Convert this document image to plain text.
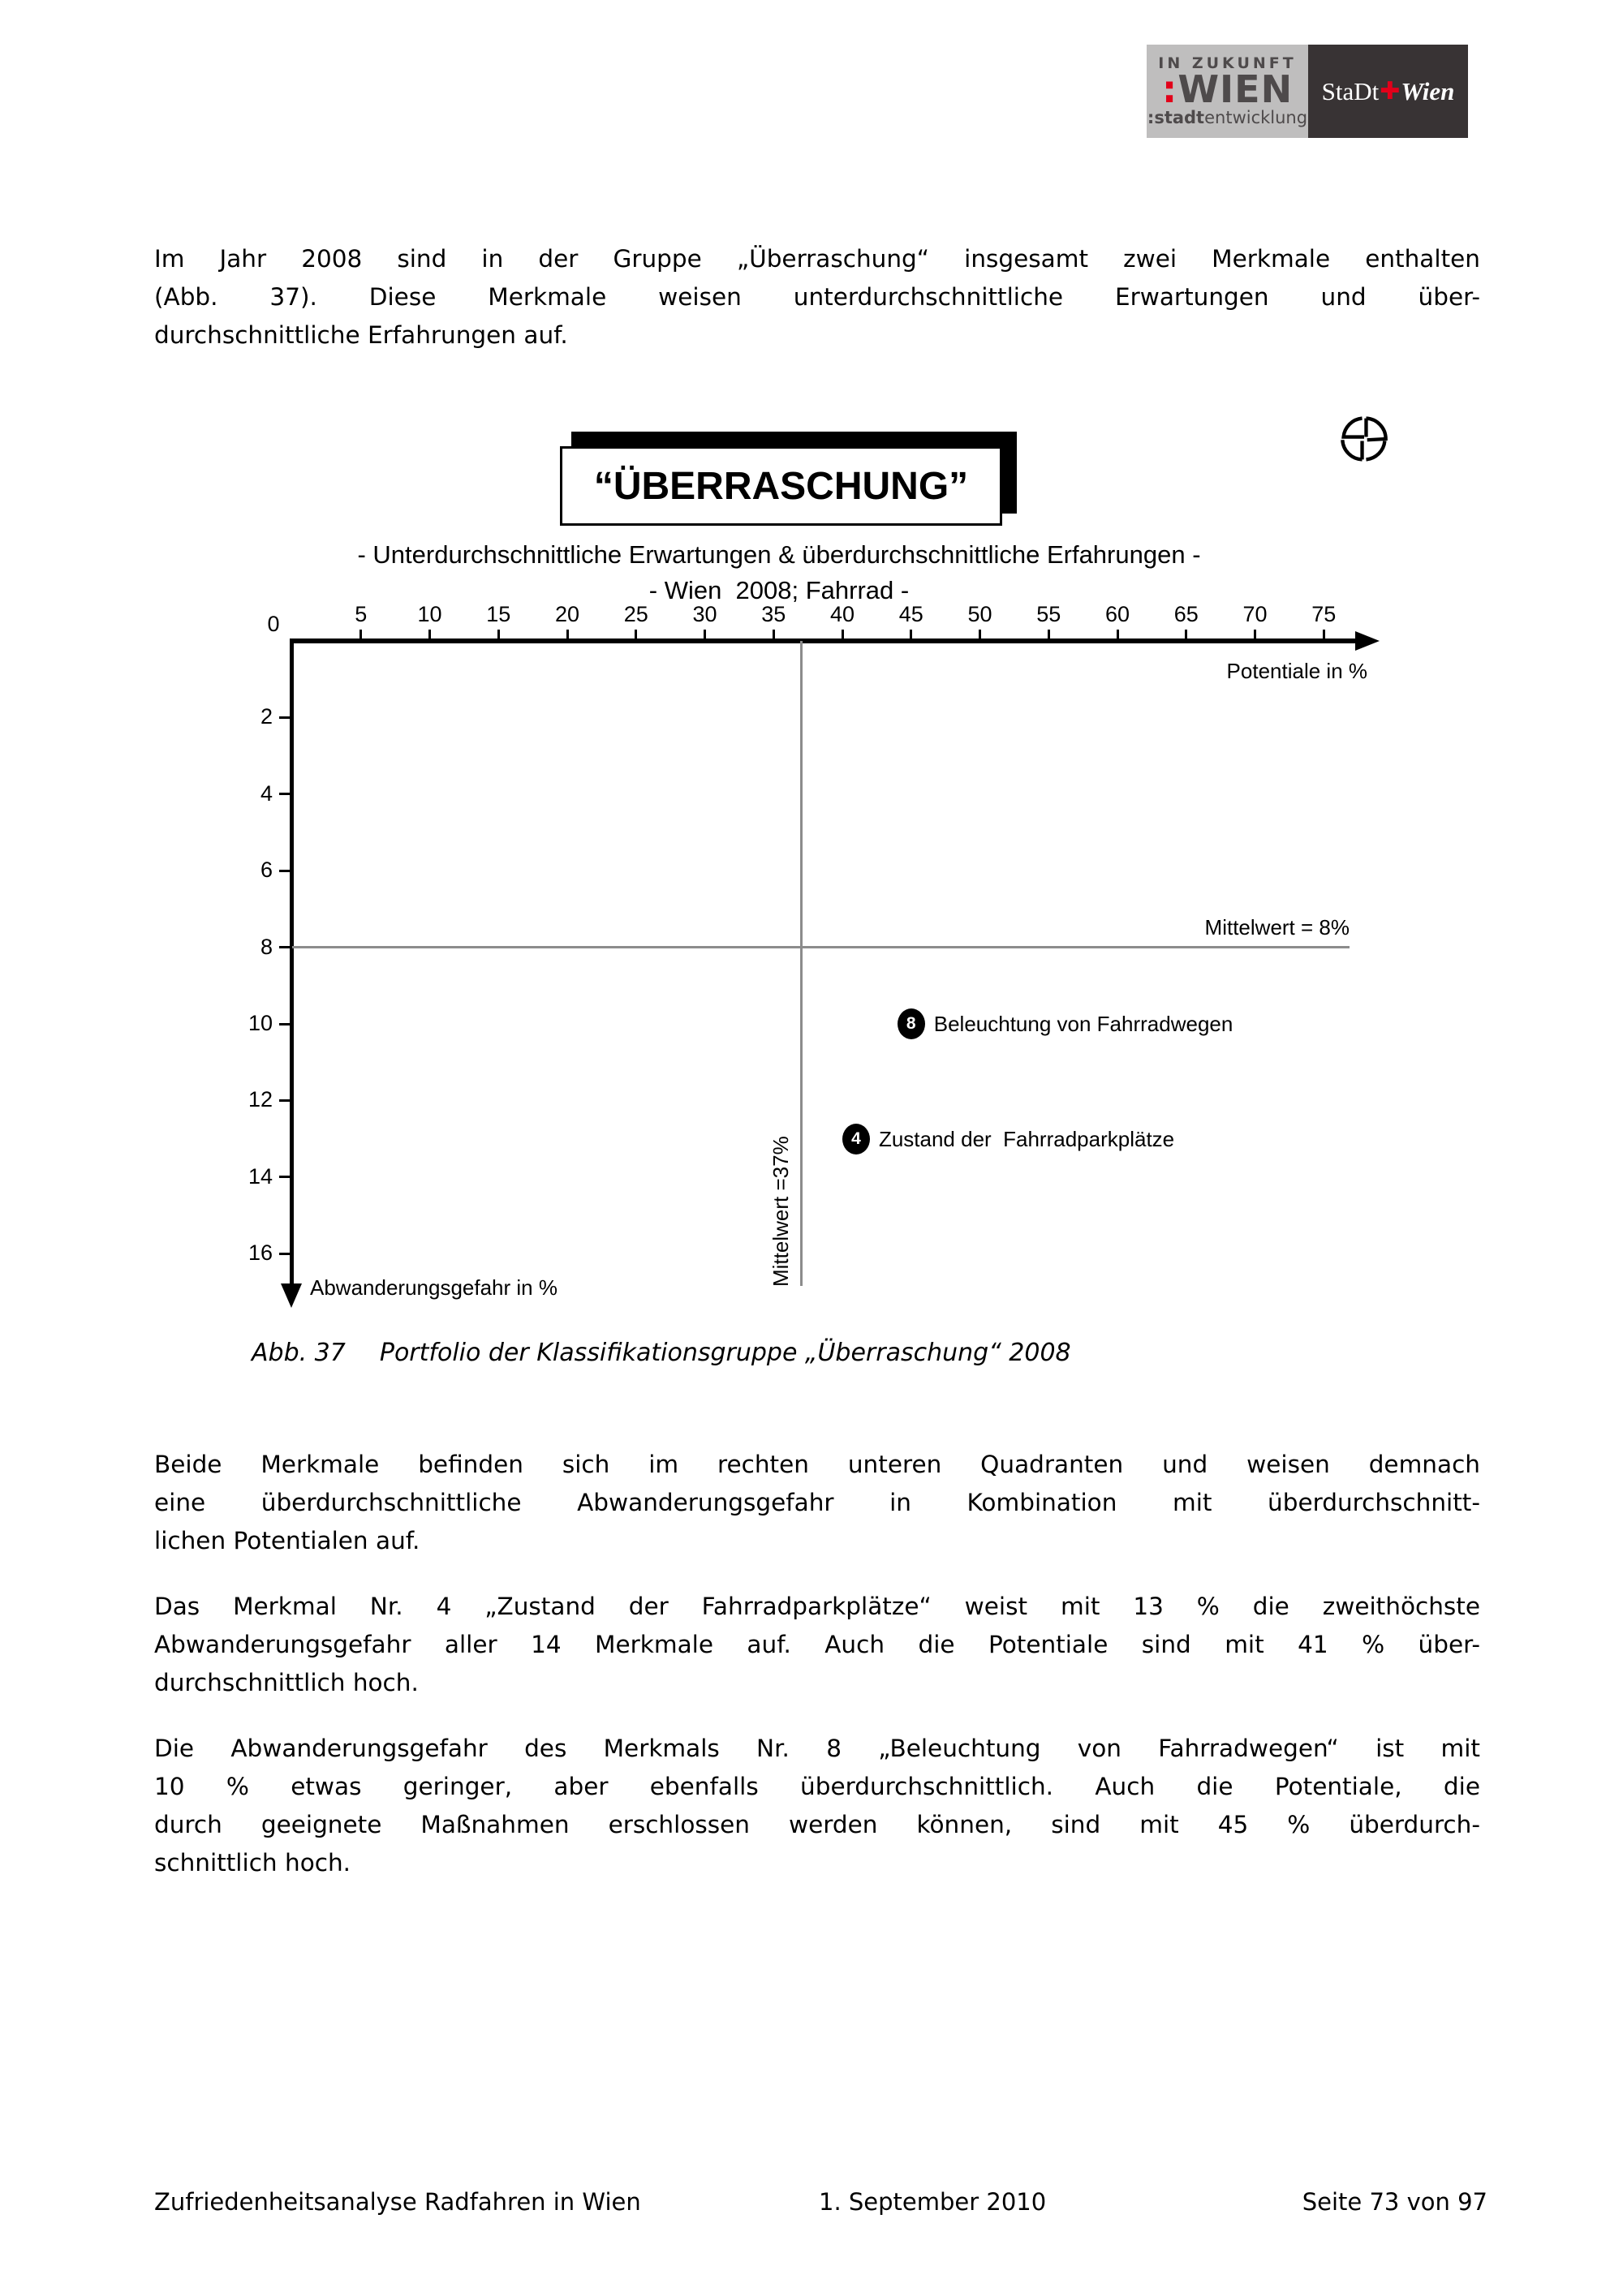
IN ZUKUNFT
:WIEN
:stadtentwicklung
StaDt ✚ Wien
Im Jahr 2008 sind in der Gruppe „Überraschung“ insgesamt zwei Merkmale enthalten
(Abb. 37). Diese Merkmale weisen unterdurchschnittliche Erwartungen und über-
durchschnittliche Erfahrungen auf.
“ÜBERRASCHUNG”
- Unterdurchschnittliche Erwartungen & überdurchschnittliche Erfahrungen -
- Wien  2008; Fahrrad -
0
Potentiale in %
Mittelwert = 8%
Mittelwert =37%
Abwanderungsgefahr in %
5	10	15	20	25	30	35	40	45	50	55	60	65	70	75
2
4
6
8
10
12
14
16
8 Beleuchtung von Fahrradwegen
4 Zustand der  Fahrradparkplätze
Abb. 37 Portfolio der Klassifikationsgruppe „Überraschung“ 2008
Beide Merkmale befinden sich im rechten unteren Quadranten und weisen demnach
eine überdurchschnittliche Abwanderungsgefahr in Kombination mit überdurchschnitt-
lichen Potentialen auf.
Das Merkmal Nr. 4 „Zustand der Fahrradparkplätze“ weist mit 13 % die zweithöchste
Abwanderungsgefahr aller 14 Merkmale auf. Auch die Potentiale sind mit 41 % über-
durchschnittlich hoch.
Die Abwanderungsgefahr des Merkmals Nr. 8 „Beleuchtung von Fahrradwegen“ ist mit
10 % etwas geringer, aber ebenfalls überdurchschnittlich. Auch die Potentiale, die
durch geeignete Maßnahmen erschlossen werden können, sind mit 45 % überdurch-
schnittlich hoch.
Zufriedenheitsanalyse Radfahren in Wien	1. September 2010	Seite 73 von 97
